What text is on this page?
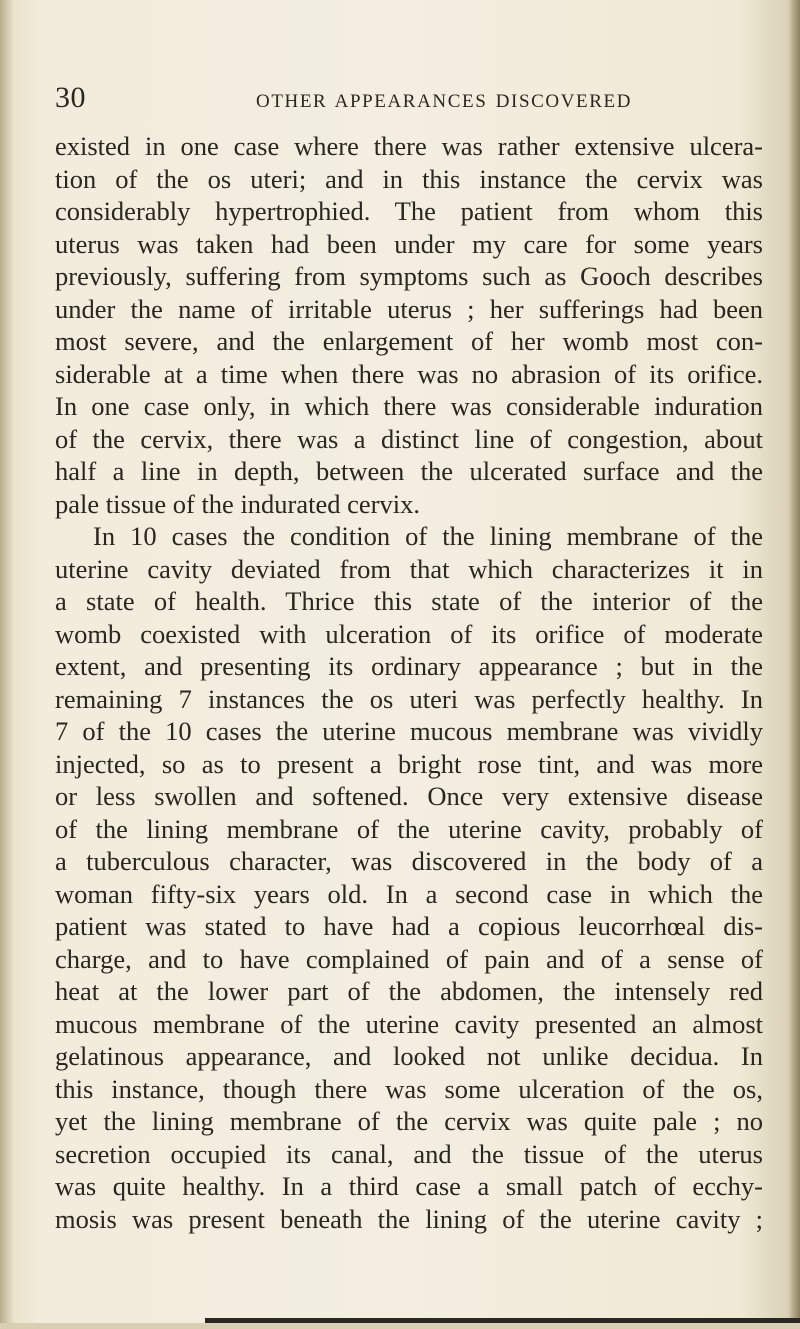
30	OTHER APPEARANCES DISCOVERED
existed in one case where there was rather extensive ulcera-
tion of the os uteri; and in this instance the cervix was
considerably hypertrophied. The patient from whom this
uterus was taken had been under my care for some years
previously, suffering from symptoms such as Gooch describes
under the name of irritable uterus ; her sufferings had been
most severe, and the enlargement of her womb most con-
siderable at a time when there was no abrasion of its orifice.
In one case only, in which there was considerable induration
of the cervix, there was a distinct line of congestion, about
half a line in depth, between the ulcerated surface and the
pale tissue of the indurated cervix.
In 10 cases the condition of the lining membrane of the
uterine cavity deviated from that which characterizes it in
a state of health. Thrice this state of the interior of the
womb coexisted with ulceration of its orifice of moderate
extent, and presenting its ordinary appearance ; but in the
remaining 7 instances the os uteri was perfectly healthy. In
7 of the 10 cases the uterine mucous membrane was vividly
injected, so as to present a bright rose tint, and was more
or less swollen and softened. Once very extensive disease
of the lining membrane of the uterine cavity, probably of
a tuberculous character, was discovered in the body of a
woman fifty-six years old. In a second case in which the
patient was stated to have had a copious leucorrhœal dis-
charge, and to have complained of pain and of a sense of
heat at the lower part of the abdomen, the intensely red
mucous membrane of the uterine cavity presented an almost
gelatinous appearance, and looked not unlike decidua. In
this instance, though there was some ulceration of the os,
yet the lining membrane of the cervix was quite pale ; no
secretion occupied its canal, and the tissue of the uterus
was quite healthy. In a third case a small patch of ecchy-
mosis was present beneath the lining of the uterine cavity ;
